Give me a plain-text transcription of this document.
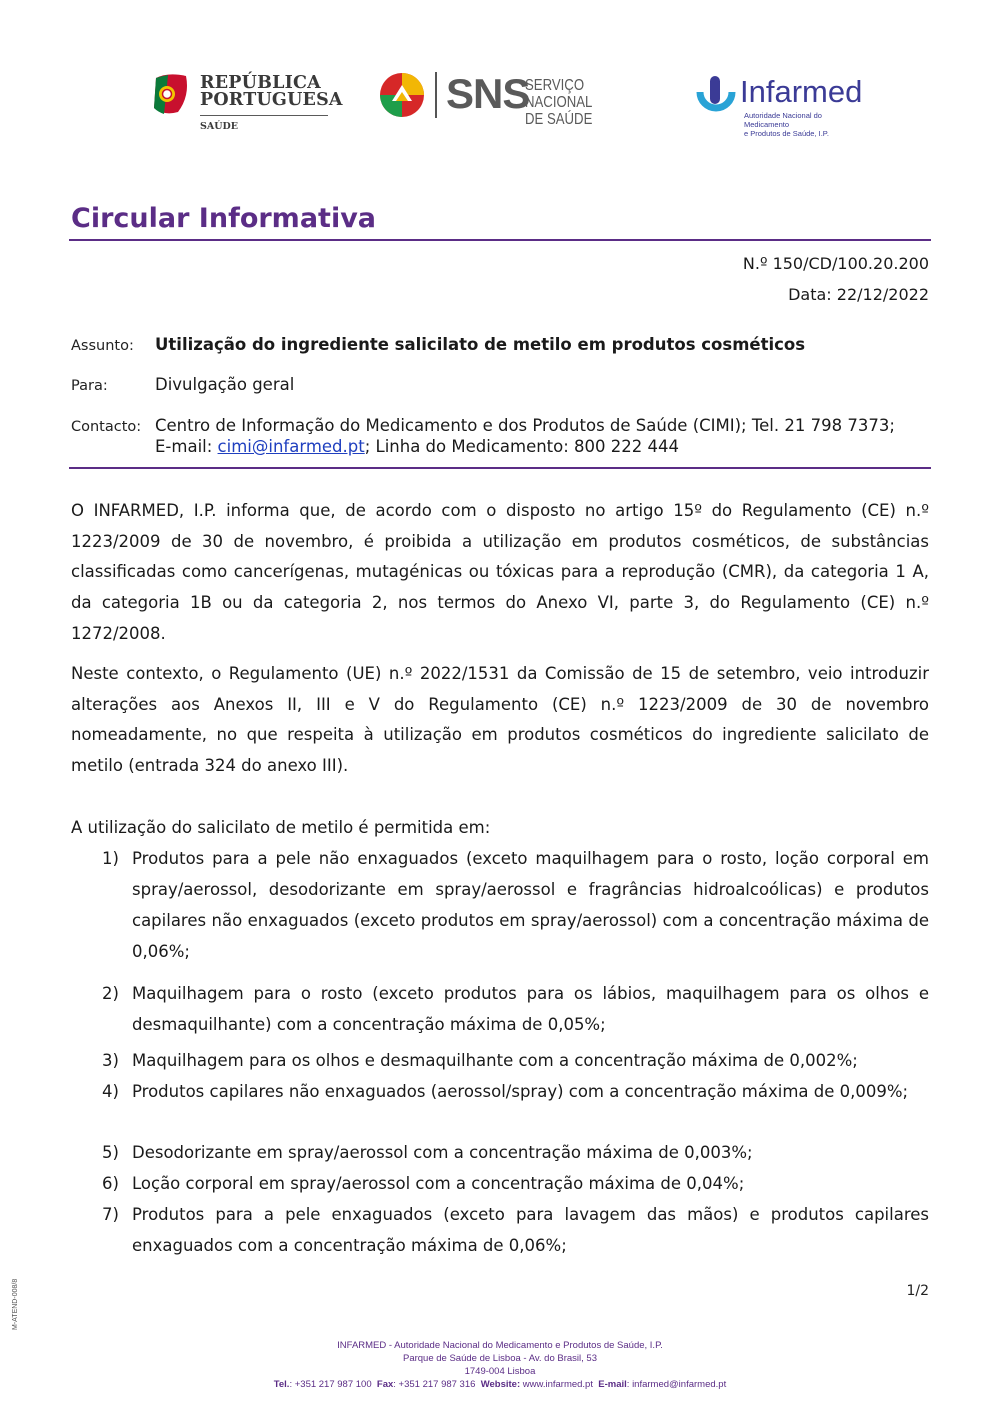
REPÚBLICA
PORTUGUESA
SAÚDE
SNS
SERVIÇO NACIONAL
DE SAÚDE
Infarmed
Autoridade Nacional do Medicamento
e Produtos de Saúde, I.P.
Circular Informativa
N.º 150/CD/100.20.200
Data: 22/12/2022
Assunto: Utilização do ingrediente salicilato de metilo em produtos cosméticos
Para:	Divulgação geral
Contacto: Centro de Informação do Medicamento e dos Produtos de Saúde (CIMI); Tel. 21 798 7373;
E-mail: cimi@infarmed.pt; Linha do Medicamento: 800 222 444
O INFARMED, I.P. informa que, de acordo com o disposto no artigo 15º do Regulamento (CE) n.º 1223/2009 de 30 de novembro, é proibida a utilização em produtos cosméticos, de substâncias classificadas como cancerígenas, mutagénicas ou tóxicas para a reprodução (CMR), da categoria 1 A, da categoria 1B ou da categoria 2, nos termos do Anexo VI, parte 3, do Regulamento (CE) n.º 1272/2008.
Neste contexto, o Regulamento (UE) n.º 2022/1531 da Comissão de 15 de setembro, veio introduzir alterações aos Anexos II, III e V do Regulamento (CE) n.º 1223/2009 de 30 de novembro nomeadamente, no que respeita à utilização em produtos cosméticos do ingrediente salicilato de metilo (entrada 324 do anexo III).
A utilização do salicilato de metilo é permitida em:
1) Produtos para a pele não enxaguados (exceto maquilhagem para o rosto, loção corporal em spray/aerossol, desodorizante em spray/aerossol e fragrâncias hidroalcoólicas) e produtos capilares não enxaguados (exceto produtos em spray/aerossol) com a concentração máxima de 0,06%;
2) Maquilhagem para o rosto (exceto produtos para os lábios, maquilhagem para os olhos e desmaquilhante) com a concentração máxima de 0,05%;
3) Maquilhagem para os olhos e desmaquilhante com a concentração máxima de 0,002%;
4) Produtos capilares não enxaguados (aerossol/spray) com a concentração máxima de 0,009%;
5) Desodorizante em spray/aerossol com a concentração máxima de 0,003%;
6) Loção corporal em spray/aerossol com a concentração máxima de 0,04%;
7) Produtos para a pele enxaguados (exceto para lavagem das mãos) e produtos capilares enxaguados com a concentração máxima de 0,06%;
1/2
INFARMED - Autoridade Nacional do Medicamento e Produtos de Saúde, I.P.
Parque de Saúde de Lisboa - Av. do Brasil, 53
1749-004 Lisboa
Tel.: +351 217 987 100 Fax: +351 217 987 316 Website: www.infarmed.pt E-mail: infarmed@infarmed.pt
M-ATEND-008/8
